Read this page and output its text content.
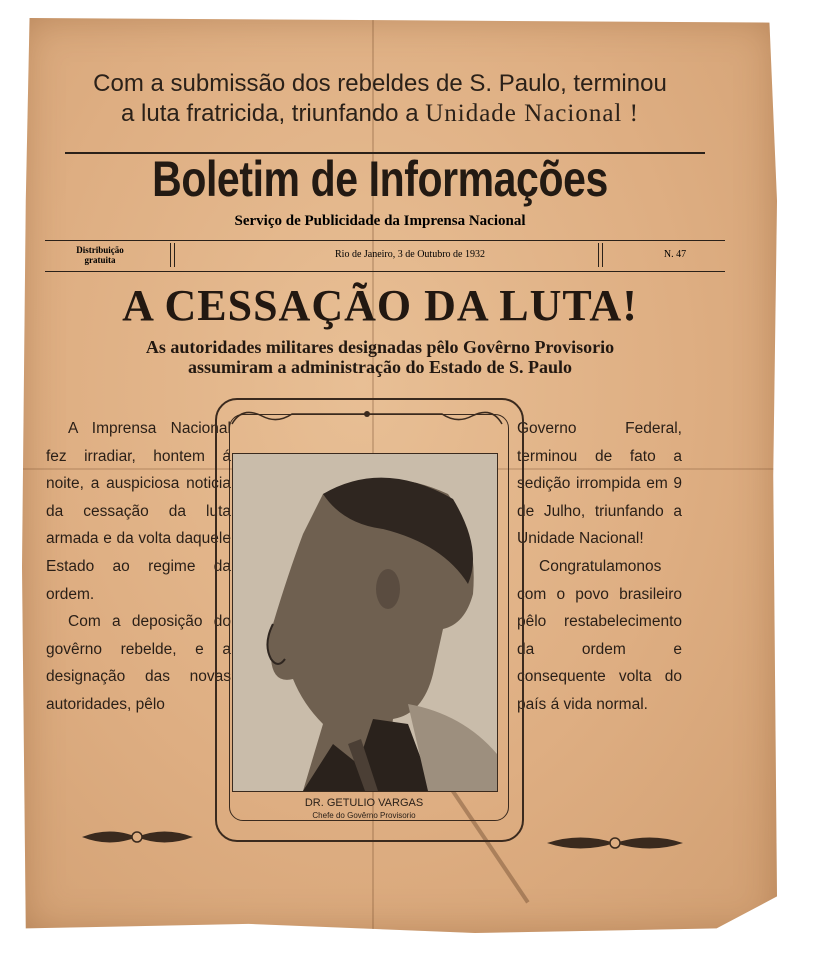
Com a submissão dos rebeldes de S. Paulo, terminou
a luta fratricida, triunfando a Unidade Nacional !
Boletim de Informações
Serviço de Publicidade da Imprensa Nacional
Distribuição
gratuita	Rio de Janeiro, 3 de Outubro de 1932	N. 47
A CESSAÇÃO DA LUTA!
As autoridades militares designadas pêlo Govêrno Provisorio
assumiram a administração do Estado de S. Paulo

A Imprensa Nacional fez irradiar, hontem á noite, a auspiciosa noticia da cessação da luta armada e da volta daquele Estado ao regime da ordem.

Com a deposição do govêrno rebelde, e a designação das novas autoridades, pêlo

Governo Federal, terminou de fato a sedição irrompida em 9 de Julho, triunfando a Unidade Nacional!

Congratulamonos com o povo brasileiro pêlo restabelecimento da ordem e consequente volta do país á vida normal.

DR. GETULIO VARGAS
Chefe do Govêrno Provisorio
